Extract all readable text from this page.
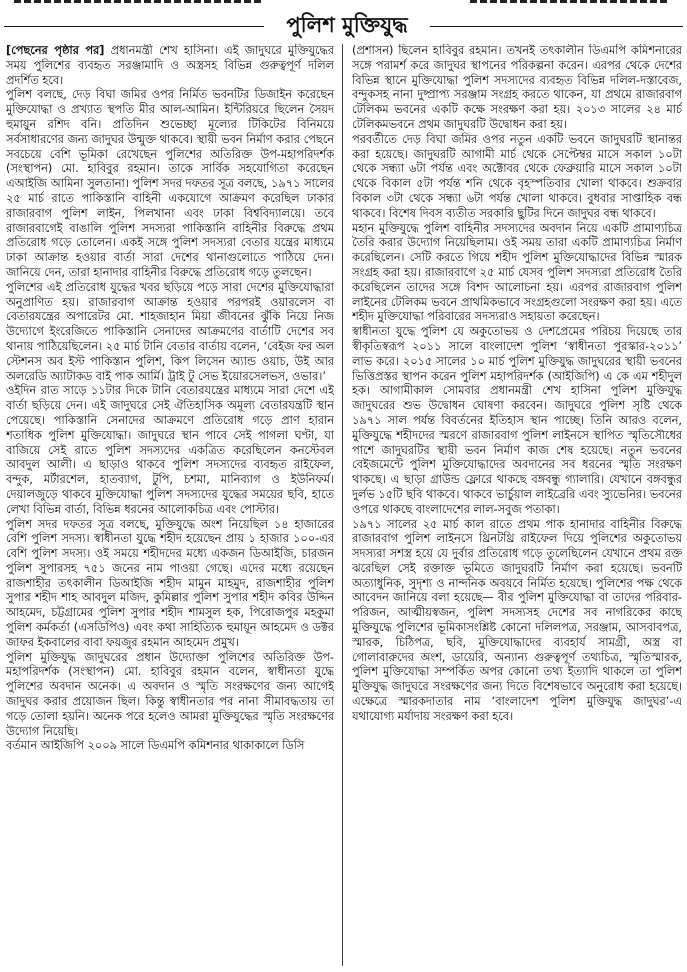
পুলিশ মুক্তিযুদ্ধ

[পেছনের পৃষ্ঠার পর] প্রধানমন্ত্রী শেখ হাসিনা। এই জাদুঘরে মুক্তিযুদ্ধের সময় পুলিশের ব্যবহৃত সরঞ্জামাদি ও অস্ত্রসহ বিভিন্ন গুরুত্বপূর্ণ দলিল প্রদর্শিত হবে।

পুলিশ বলছে, দেড় বিঘা জমির ওপর নির্মিত ভবনটির ডিজাইন করেছেন মুক্তিযোদ্ধা ও প্রখ্যাত স্থপতি মীর আল-আমিন। ইন্টিরিয়রে ছিলেন সৈয়দ হুমায়ুন রশিদ বনি। প্রতিদিন শুভেচ্ছা মূল্যের টিকিটের বিনিময়ে সর্বসাধারণের জন্য জাদুঘর উন্মুক্ত থাকবে। স্থায়ী ভবন নির্মাণ করার পেছনে সবচেয়ে বেশি ভূমিকা রেখেছেন পুলিশের অতিরিক্ত উপ-মহাপরিদর্শক (সংস্থাপন) মো. হাবিবুর রহমান। তাকে সার্বিক সহযোগিতা করেছেন এআইজি আমিনা সুলতানা। পুলিশ সদর দফতর সূত্র বলছে, ১৯৭১ সালের ২৫ মার্চ রাতে পাকিস্তানি বাহিনী একযোগে আক্রমণ করেছিল ঢাকার রাজারবাগ পুলিশ লাইন, পিলখানা এবং ঢাকা বিশ্ববিদ্যালয়ে। তবে রাজারবাগেই বাঙালি পুলিশ সদস্যরা পাকিস্তানি বাহিনীর বিরুদ্ধে প্রথম প্রতিরোধ গড়ে তোলেন। একই সঙ্গে পুলিশ সদস্যরা বেতার যন্ত্রের মাধ্যমে ঢাকা আক্রান্ত হওয়ার বার্তা সারা দেশের থানাগুলোতে পাঠিয়ে দেন। জানিয়ে দেন, তারা হানাদার বাহিনীর বিরুদ্ধে প্রতিরোধ গড়ে তুলছেন।

পুলিশের এই প্রতিরোধ যুদ্ধের খবর ছড়িয়ে পড়ে সারা দেশের মুক্তিযোদ্ধারা অনুপ্রাণিত হয়। রাজারবাগ আক্রান্ত হওয়ার পরপরই ওয়ারলেস বা বেতারযন্ত্রের অপারেটর মো. শাহজাহান মিয়া জীবনের ঝুঁকি নিয়ে নিজ উদ্যোগে ইংরেজিতে পাকিস্তানি সেনাদের আক্রমণের বার্তাটি দেশের সব থানায় পাঠিয়েছিলেন। ২৫ মার্চ টানি বেতার বার্তায় বলেন, ‘বেইজ ফর অল স্টেশনস অব ইস্ট পাকিস্তান পুলিশ, কিপ লিসেন অ্যান্ড ওয়াচ, উই আর অলরেডি অ্যাটাকড বাই পাক আর্মি। ট্রাই টু সেভ ইয়োরসেলভস, ওভার।’

ওইদিন রাত সাড়ে ১১টার দিকে টানি বেতারযন্ত্রের মাধ্যমে সারা দেশে এই বার্তা ছড়িয়ে দেন। এই জাদুঘরে সেই ঐতিহাসিক অমূল্য বেতারযন্ত্রটি স্থান পেয়েছে। পাকিস্তানি সেনাদের আক্রমণে প্রতিরোধ গড়ে প্রাণ হারান শতাধিক পুলিশ মুক্তিযোদ্ধা। জাদুঘরে স্থান পাবে সেই পাগলা ঘণ্টা, যা বাজিয়ে সেই রাতে পুলিশ সদস্যদের একত্রিত করেছিলেন কনস্টেবল আবদুল আলী। এ ছাড়াও থাকবে পুলিশ সদস্যদের ব্যবহৃত রাইফেল, বন্দুক, মর্টারশেল, হাতব্যাগ, টুপি, চশমা, মানিব্যাগ ও ইউনিফর্ম। দেয়ালজুড়ে থাকবে মুক্তিযোদ্ধা পুলিশ সদস্যদের যুদ্ধের সময়ের ছবি, হাতে লেখা বিভিন্ন বার্তা, বিভিন্ন ধরনের আলোকচিত্র এবং পোস্টার।

পুলিশ সদর দফতর সূত্র বলছে, মুক্তিযুদ্ধে অংশ নিয়েছিল ১৪ হাজারের বেশি পুলিশ সদস্য। স্বাধীনতা যুদ্ধে শহীদ হয়েছেন প্রায় ১ হাজার ১০০-এর বেশি পুলিশ সদস্য। ওই সময়ে শহীদদের মধ্যে একজন ডিআইজি, চারজন পুলিশ সুপারসহ ৭৫১ জনের নাম পাওয়া গেছে। এদের মধ্যে রয়েছেন রাজশাহীর তৎকালীন ডিআইজি শহীদ মামুন মাহমুদ, রাজশাহীর পুলিশ সুপার শহীদ শাহ আবদুল মজিদ, কুমিল্লার পুলিশ সুপার শহীদ কবির উদ্দিন আহমেদ, চট্টগ্রামের পুলিশ সুপার শহীদ শামসুল হক, পিরোজপুর মহকুমা পুলিশ কর্মকর্তা (এসডিপিও) এবং কথা সাহিত্যিক হুমায়ূন আহমেদ ও ডক্টর জাফর ইকবালের বাবা ফয়জুর রহমান আহমেদ প্রমুখ।

পুলিশ মুক্তিযুদ্ধ জাদুঘরের প্রধান উদ্যোক্তা পুলিশের অতিরিক্ত উপ-মহাপরিদর্শক (সংস্থাপন) মো. হাবিবুর রহমান বলেন, স্বাধীনতা যুদ্ধে পুলিশের অবদান অনেক। এ অবদান ও স্মৃতি সংরক্ষণের জন্য আগেই জাদুঘর করার প্রয়োজন ছিল। কিন্তু স্বাধীনতার পর নানা সীমাবদ্ধতায় তা গড়ে তোলা হয়নি। অনেক পরে হলেও আমরা মুক্তিযুদ্ধের স্মৃতি সংরক্ষণের উদ্যোগ নিয়েছি।

বর্তমান আইজিপি ২০০৯ সালে ডিএমপি কমিশনার থাকাকালে ডিসি

(প্রশাসন) ছিলেন হাবিবুর রহমান। তখনই তৎকালীন ডিএমপি কমিশনারের সঙ্গে পরামর্শ করে জাদুঘর স্থাপনের পরিকল্পনা করেন। এরপর থেকে দেশের বিভিন্ন স্থানে মুক্তিযোদ্ধা পুলিশ সদস্যদের ব্যবহৃত বিভিন্ন দলিল-দস্তাবেজ, বন্দুকসহ নানা দুষ্প্রাপ্য সরঞ্জাম সংগ্রহ করতে থাকেন, যা প্রথমে রাজারবাগ টেলিকম ভবনের একটি কক্ষে সংরক্ষণ করা হয়। ২০১৩ সালের ২৪ মার্চ টেলিকমভবনে প্রথম জাদুঘরটি উদ্বোধন করা হয়।

পরবর্তীতে দেড় বিঘা জমির ওপর নতুন একটি ভবনে জাদুঘরটি স্থানান্তর করা হয়েছে। জাদুঘরটি আগামী মার্চ থেকে সেপ্টেম্বর মাসে সকাল ১০টা থেকে সন্ধ্যা ৬টা পর্যন্ত এবং অক্টোবর থেকে ফেব্রুয়ারি মাসে সকাল ১০টা থেকে বিকাল ৫টা পর্যন্ত শনি থেকে বৃহস্পতিবার খোলা থাকবে। শুক্রবার বিকাল ৩টা থেকে সন্ধ্যা ৬টা পর্যন্ত খোলা থাকবে। বুধবার সাপ্তাহিক বন্ধ থাকবে। বিশেষ দিবস ব্যতীত সরকারি ছুটির দিনে জাদুঘর বন্ধ থাকবে।

মহান মুক্তিযুদ্ধে পুলিশ বাহিনীর সদস্যদের অবদান নিয়ে একটি প্রামাণ্যচিত্র তৈরি করার উদ্যোগ নিয়েছিলাম। ওই সময় তারা একটি প্রামাণ্যচিত্র নির্মাণ করেছিলেন। সেটি করতে গিয়ে শহীদ পুলিশ মুক্তিযোদ্ধাদের বিভিন্ন স্মারক সংগ্রহ করা হয়। রাজারবাগে ২৫ মার্চ যেসব পুলিশ সদস্যরা প্রতিরোধ তৈরি করেছিলেন তাদের সঙ্গে বিশদ আলোচনা হয়। এরপর রাজারবাগ পুলিশ লাইনের টেলিকম ভবনে প্রাথমিকভাবে সংগ্রহগুলো সংরক্ষণ করা হয়। এতে শহীদ মুক্তিযোদ্ধা পরিবারের সদস্যরাও সহায়তা করেছেন।

স্বাধীনতা যুদ্ধে পুলিশ যে অকুতোভয় ও দেশপ্রেমের পরিচয় দিয়েছে তার স্বীকৃতিস্বরূপ ২০১১ সালে বাংলাদেশ পুলিশ ‘স্বাধীনতা পুরস্কার-২০১১’ লাভ করে। ২০১৫ সালের ১০ মার্চ পুলিশ মুক্তিযুদ্ধ জাদুঘরের স্থায়ী ভবনের ভিত্তিপ্রস্তর স্থাপন করেন পুলিশ মহাপরিদর্শক (আইজিপি) এ কে এম শহীদুল হক। আগামীকাল সোমবার প্রধানমন্ত্রী শেখ হাসিনা পুলিশ মুক্তিযুদ্ধ জাদুঘরের শুভ উদ্বোধন ঘোষণা করবেন। জাদুঘরে পুলিশ সৃষ্টি থেকে ১৯৭১ সাল পর্যন্ত বিবর্তনের ইতিহাস স্থান পাচ্ছে। তিনি আরও বলেন, মুক্তিযুদ্ধে শহীদদের স্মরণে রাজারবাগ পুলিশ লাইনসে স্থাপিত স্মৃতিসৌধের পাশে জাদুঘরটির স্থায়ী ভবন নির্মাণ কাজ শেষ হয়েছে। নতুন ভবনের বেইজমেন্টে পুলিশ মুক্তিযোদ্ধাদের অবদানের সব ধরনের স্মৃতি সংরক্ষণ থাকছে। এ ছাড়া গ্রাউন্ড ফ্লোরে থাকছে বঙ্গবন্ধু গ্যালারি। যেখানে বঙ্গবন্ধুর দুর্লভ ১৫টি ছবি থাকবে। থাকবে ভার্চুয়াল লাইব্রেরি এবং স্যুভেনির। ভবনের ওপরে থাকছে বাংলাদেশের লাল-সবুজ পতাকা।

১৯৭১ সালের ২৫ মার্চ কাল রাতে প্রথম পাক হানাদার বাহিনীর বিরুদ্ধে রাজারবাগ পুলিশ লাইনসে থ্রিনটথ্রি রাইফেল দিয়ে পুলিশের অকুতোভয় সদস্যরা সশস্ত্র হয়ে যে দুর্বার প্রতিরোধ গড়ে তুলেছিলেন যেখানে প্রথম রক্ত ঝরেছিল সেই রক্তাক্ত ভূমিতে জাদুঘরটি নির্মাণ করা হয়েছে। ভবনটি অত্যাধুনিক, সুদৃশ্য ও নান্দনিক অবয়বে নির্মিত হয়েছে। পুলিশের পক্ষ থেকে আবেদন জানিয়ে বলা হয়েছে— বীর পুলিশ মুক্তিযোদ্ধা বা তাদের পরিবার-পরিজন, আত্মীয়স্বজন, পুলিশ সদস্যসহ দেশের সব নাগরিকের কাছে মুক্তিযুদ্ধে পুলিশের ভূমিকাসংশ্লিষ্ট কোনো দলিলপত্র, সরঞ্জাম, আসবাবপত্র, স্মারক, চিঠিপত্র, ছবি, মুক্তিযোদ্ধাদের ব্যবহার্য সামগ্রী, অস্ত্র বা গোলাবারুদের অংশ, ডায়েরি, অন্যান্য গুরুত্বপূর্ণ তথ্যচিত্র, স্মৃতিস্মারক, পুলিশ মুক্তিযোদ্ধা সম্পর্কিত অপর কোনো তথ্য ইত্যাদি থাকলে তা পুলিশ মুক্তিযুদ্ধ জাদুঘরে সংরক্ষণের জন্য দিতে বিশেষভাবে অনুরোধ করা হয়েছে। এক্ষেত্রে স্মারকদাতার নাম ‘বাংলাদেশ পুলিশ মুক্তিযুদ্ধ জাদুঘর’-এ যথাযোগ্য মর্যাদায় সংরক্ষণ করা হবে।
